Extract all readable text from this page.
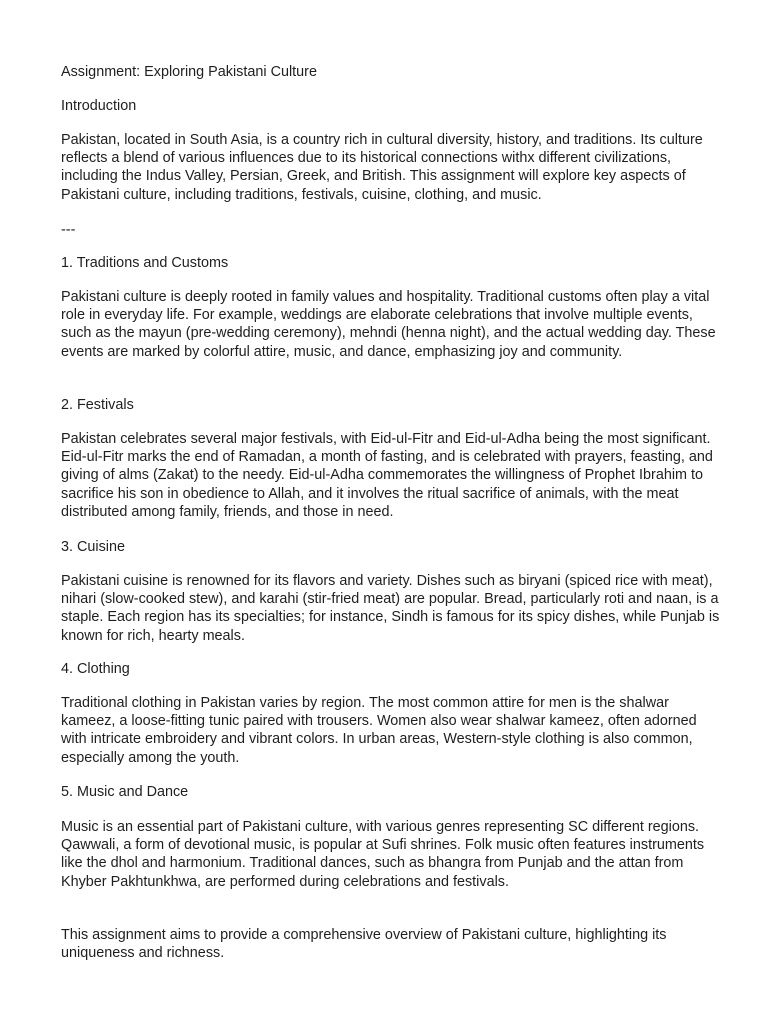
Assignment: Exploring Pakistani Culture

Introduction

Pakistan, located in South Asia, is a country rich in cultural diversity, history, and traditions. Its culture reflects a blend of various influences due to its historical connections withx different civilizations, including the Indus Valley, Persian, Greek, and British. This assignment will explore key aspects of Pakistani culture, including traditions, festivals, cuisine, clothing, and music.

---

1. Traditions and Customs

Pakistani culture is deeply rooted in family values and hospitality. Traditional customs often play a vital role in everyday life. For example, weddings are elaborate celebrations that involve multiple events, such as the mayun (pre-wedding ceremony), mehndi (henna night), and the actual wedding day. These events are marked by colorful attire, music, and dance, emphasizing joy and community.

2. Festivals

Pakistan celebrates several major festivals, with Eid-ul-Fitr and Eid-ul-Adha being the most significant. Eid-ul-Fitr marks the end of Ramadan, a month of fasting, and is celebrated with prayers, feasting, and giving of alms (Zakat) to the needy. Eid-ul-Adha commemorates the willingness of Prophet Ibrahim to sacrifice his son in obedience to Allah, and it involves the ritual sacrifice of animals, with the meat distributed among family, friends, and those in need.

3. Cuisine

Pakistani cuisine is renowned for its flavors and variety. Dishes such as biryani (spiced rice with meat), nihari (slow-cooked stew), and karahi (stir-fried meat) are popular. Bread, particularly roti and naan, is a staple. Each region has its specialties; for instance, Sindh is famous for its spicy dishes, while Punjab is known for rich, hearty meals.

4. Clothing

Traditional clothing in Pakistan varies by region. The most common attire for men is the shalwar kameez, a loose-fitting tunic paired with trousers. Women also wear shalwar kameez, often adorned with intricate embroidery and vibrant colors. In urban areas, Western-style clothing is also common, especially among the youth.

5. Music and Dance

Music is an essential part of Pakistani culture, with various genres representing SC different regions. Qawwali, a form of devotional music, is popular at Sufi shrines. Folk music often features instruments like the dhol and harmonium. Traditional dances, such as bhangra from Punjab and the attan from Khyber Pakhtunkhwa, are performed during celebrations and festivals.

This assignment aims to provide a comprehensive overview of Pakistani culture, highlighting its uniqueness and richness.
